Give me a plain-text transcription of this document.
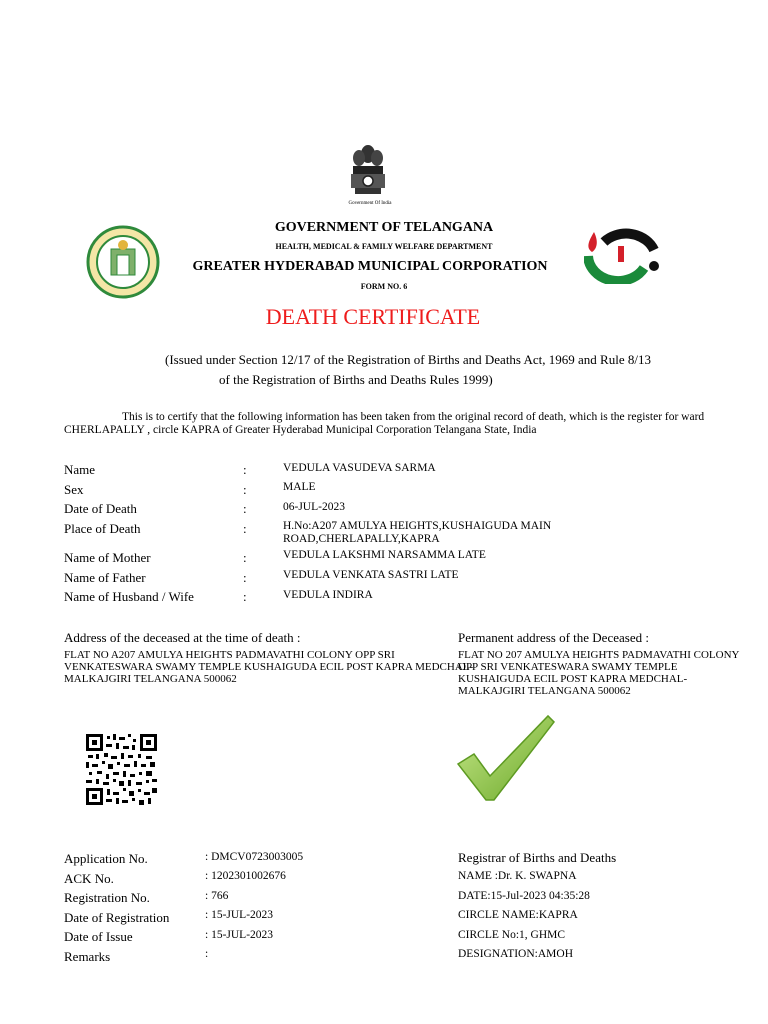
Government Of India
GOVERNMENT OF TELANGANA
HEALTH, MEDICAL & FAMILY WELFARE DEPARTMENT
GREATER HYDERABAD MUNICIPAL CORPORATION
FORM NO. 6
DEATH CERTIFICATE
(Issued under Section 12/17 of the Registration of Births and Deaths Act, 1969 and Rule 8/13
of the Registration of Births and Deaths Rules 1999)
This is to certify that the following information has been taken from the original record of death, which is the register for ward CHERLAPALLY , circle KAPRA of Greater Hyderabad Municipal Corporation Telangana State, India
Name	:	VEDULA VASUDEVA SARMA
Sex	:	MALE
Date of Death	:	06-JUL-2023
Place of Death	:	H.No:A207 AMULYA HEIGHTS,KUSHAIGUDA MAIN ROAD,CHERLAPALLY,KAPRA
Name of Mother	:	VEDULA LAKSHMI NARSAMMA LATE
Name of Father	:	VEDULA VENKATA SASTRI LATE
Name of Husband / Wife	:	VEDULA INDIRA
Address of the deceased at the time of death :
FLAT NO A207 AMULYA HEIGHTS PADMAVATHI COLONY OPP SRI VENKATESWARA SWAMY TEMPLE KUSHAIGUDA ECIL POST KAPRA MEDCHAL-MALKAJGIRI TELANGANA 500062
Permanent address of the Deceased :
FLAT NO 207 AMULYA HEIGHTS PADMAVATHI COLONY OPP SRI VENKATESWARA SWAMY TEMPLE KUSHAIGUDA ECIL POST KAPRA MEDCHAL-MALKAJGIRI TELANGANA 500062
Application No.	: DMCV0723003005
ACK No.	: 1202301002676
Registration No.	: 766
Date of Registration	: 15-JUL-2023
Date of Issue	: 15-JUL-2023
Remarks	:
Registrar of Births and Deaths
NAME :Dr. K. SWAPNA
DATE:15-Jul-2023 04:35:28
CIRCLE NAME:KAPRA
CIRCLE No:1, GHMC
DESIGNATION:AMOH
